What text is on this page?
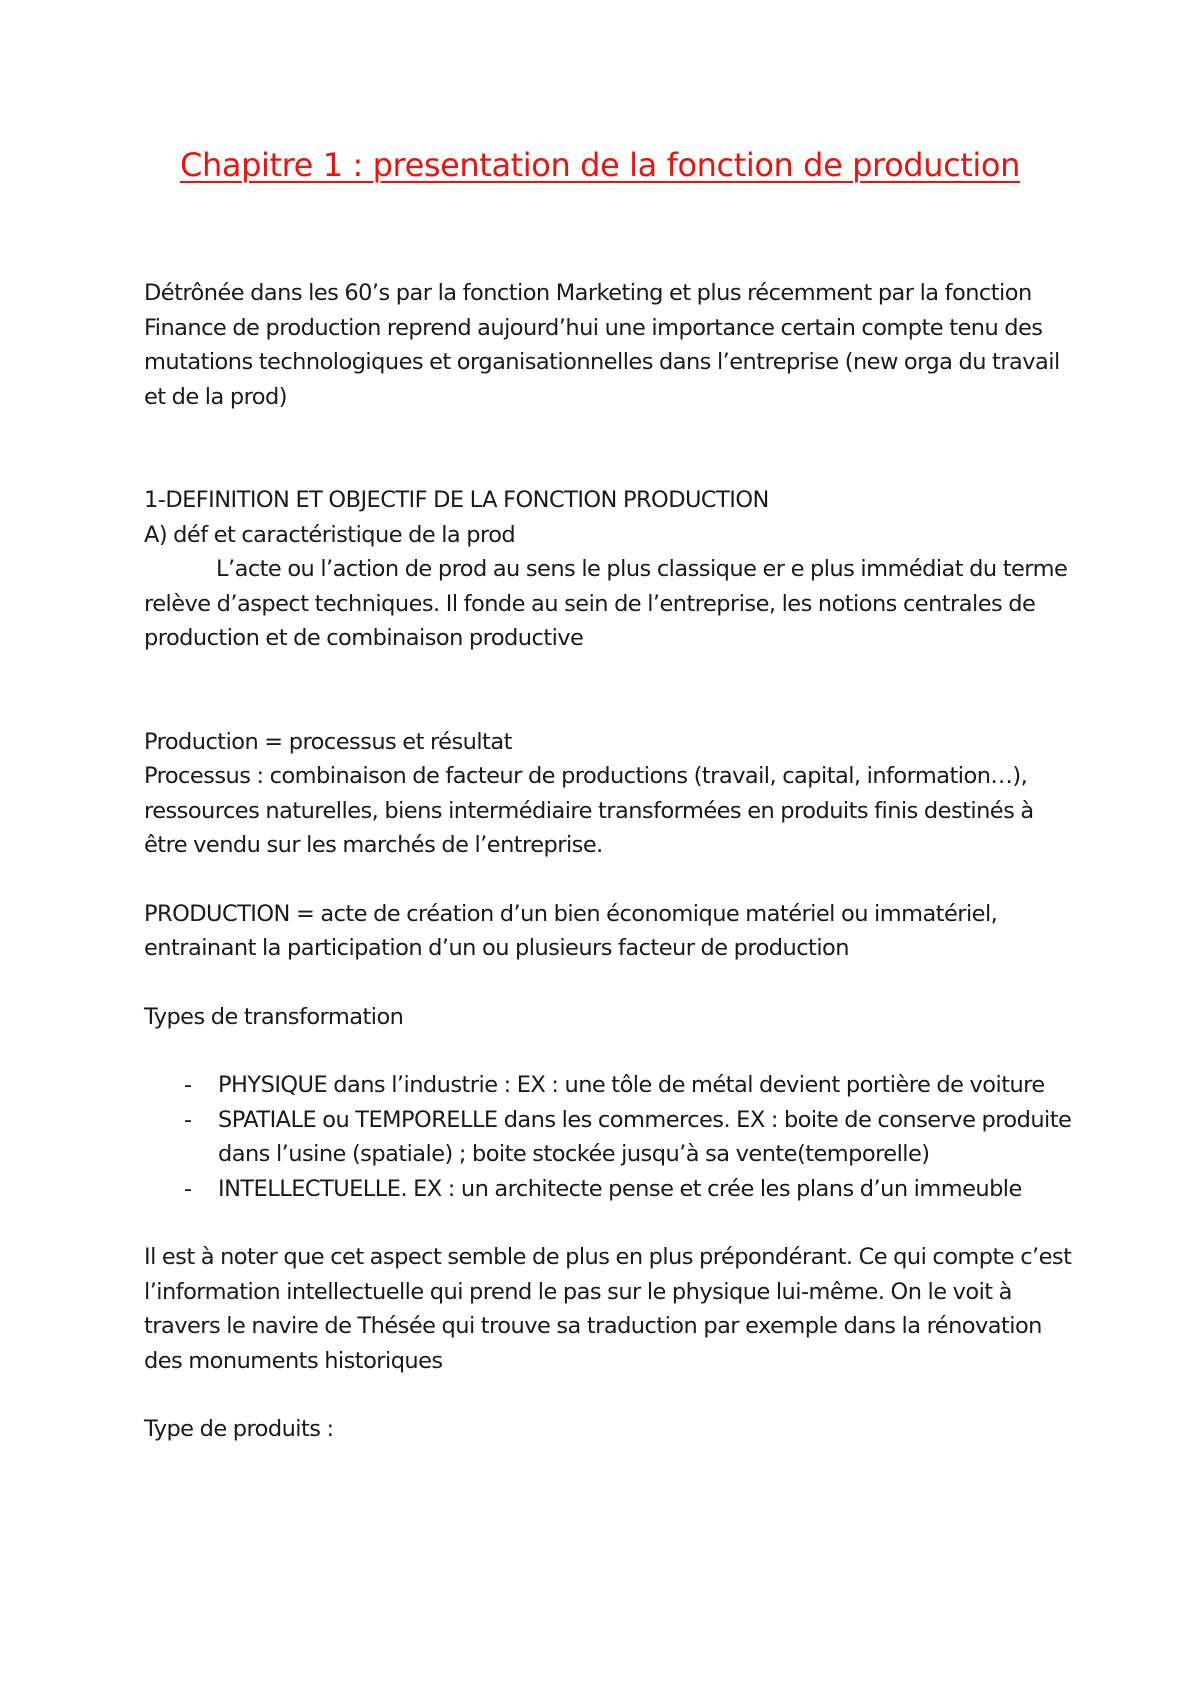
Chapitre 1 : presentation de la fonction de production

Détrônée dans les 60’s par la fonction Marketing et plus récemment par la fonction Finance de production reprend aujourd’hui une importance certain compte tenu des mutations technologiques et organisationnelles dans l’entreprise (new orga du travail et de la prod)

1-DEFINITION ET OBJECTIF DE LA FONCTION PRODUCTION

A) déf et caractéristique de la prod

L’acte ou l’action de prod au sens le plus classique er e plus immédiat du terme relève d’aspect techniques. Il fonde au sein de l’entreprise, les notions centrales de production et de combinaison productive

Production = processus et résultat

Processus : combinaison de facteur de productions (travail, capital, information…), ressources naturelles, biens intermédiaire transformées en produits finis destinés à être vendu sur les marchés de l’entreprise.

PRODUCTION = acte de création d’un bien économique matériel ou immatériel, entrainant la participation d’un ou plusieurs facteur de production

Types de transformation

- PHYSIQUE dans l’industrie : EX : une tôle de métal devient portière de voiture
- SPATIALE ou TEMPORELLE dans les commerces. EX : boite de conserve produite dans l’usine (spatiale) ; boite stockée jusqu’à sa vente(temporelle)
- INTELLECTUELLE. EX : un architecte pense et crée les plans d’un immeuble

Il est à noter que cet aspect semble de plus en plus prépondérant. Ce qui compte c’est l’information intellectuelle qui prend le pas sur le physique lui-même. On le voit à travers le navire de Thésée qui trouve sa traduction par exemple dans la rénovation des monuments historiques

Type de produits :
